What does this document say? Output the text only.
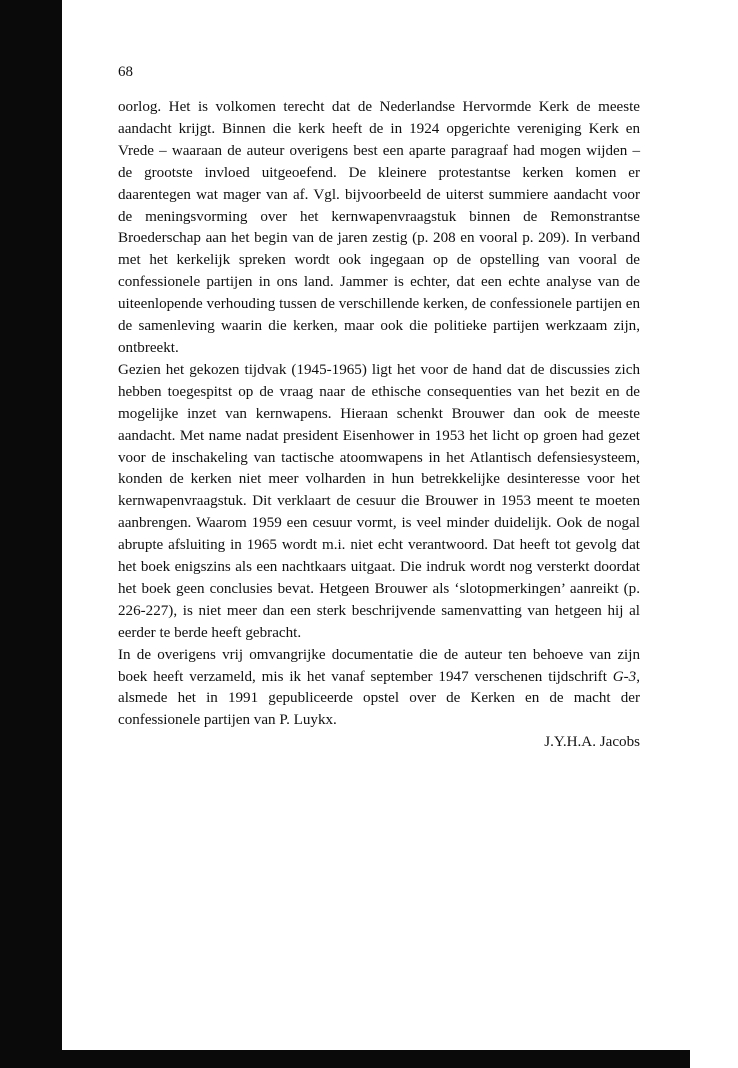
68

oorlog. Het is volkomen terecht dat de Nederlandse Hervormde Kerk de meeste aandacht krijgt. Binnen die kerk heeft de in 1924 opgerichte vereniging Kerk en Vrede – waaraan de auteur overigens best een aparte paragraaf had mogen wijden – de grootste invloed uitgeoefend. De kleinere protestantse kerken komen er daarentegen wat mager van af. Vgl. bijvoorbeeld de uiterst summiere aandacht voor de meningsvorming over het kernwapenvraagstuk binnen de Remonstrantse Broederschap aan het begin van de jaren zestig (p. 208 en vooral p. 209). In verband met het kerkelijk spreken wordt ook ingegaan op de opstelling van vooral de confessionele partijen in ons land. Jammer is echter, dat een echte analyse van de uiteenlopende verhouding tussen de verschillende kerken, de confessionele partijen en de samenleving waarin die kerken, maar ook die politieke partijen werkzaam zijn, ontbreekt.

Gezien het gekozen tijdvak (1945-1965) ligt het voor de hand dat de discussies zich hebben toegespitst op de vraag naar de ethische consequenties van het bezit en de mogelijke inzet van kernwapens. Hieraan schenkt Brouwer dan ook de meeste aandacht. Met name nadat president Eisenhower in 1953 het licht op groen had gezet voor de inschakeling van tactische atoomwapens in het Atlantisch defensiesysteem, konden de kerken niet meer volharden in hun betrekkelijke desinteresse voor het kernwapenvraagstuk. Dit verklaart de cesuur die Brouwer in 1953 meent te moeten aanbrengen. Waarom 1959 een cesuur vormt, is veel minder duidelijk. Ook de nogal abrupte afsluiting in 1965 wordt m.i. niet echt verantwoord. Dat heeft tot gevolg dat het boek enigszins als een nachtkaars uitgaat. Die indruk wordt nog versterkt doordat het boek geen conclusies bevat. Hetgeen Brouwer als ‘slotopmerkingen’ aanreikt (p. 226-227), is niet meer dan een sterk beschrijvende samenvatting van hetgeen hij al eerder te berde heeft gebracht.

In de overigens vrij omvangrijke documentatie die de auteur ten behoeve van zijn boek heeft verzameld, mis ik het vanaf september 1947 verschenen tijdschrift G-3, alsmede het in 1991 gepubliceerde opstel over de Kerken en de macht der confessionele partijen van P. Luykx.

J.Y.H.A. Jacobs
